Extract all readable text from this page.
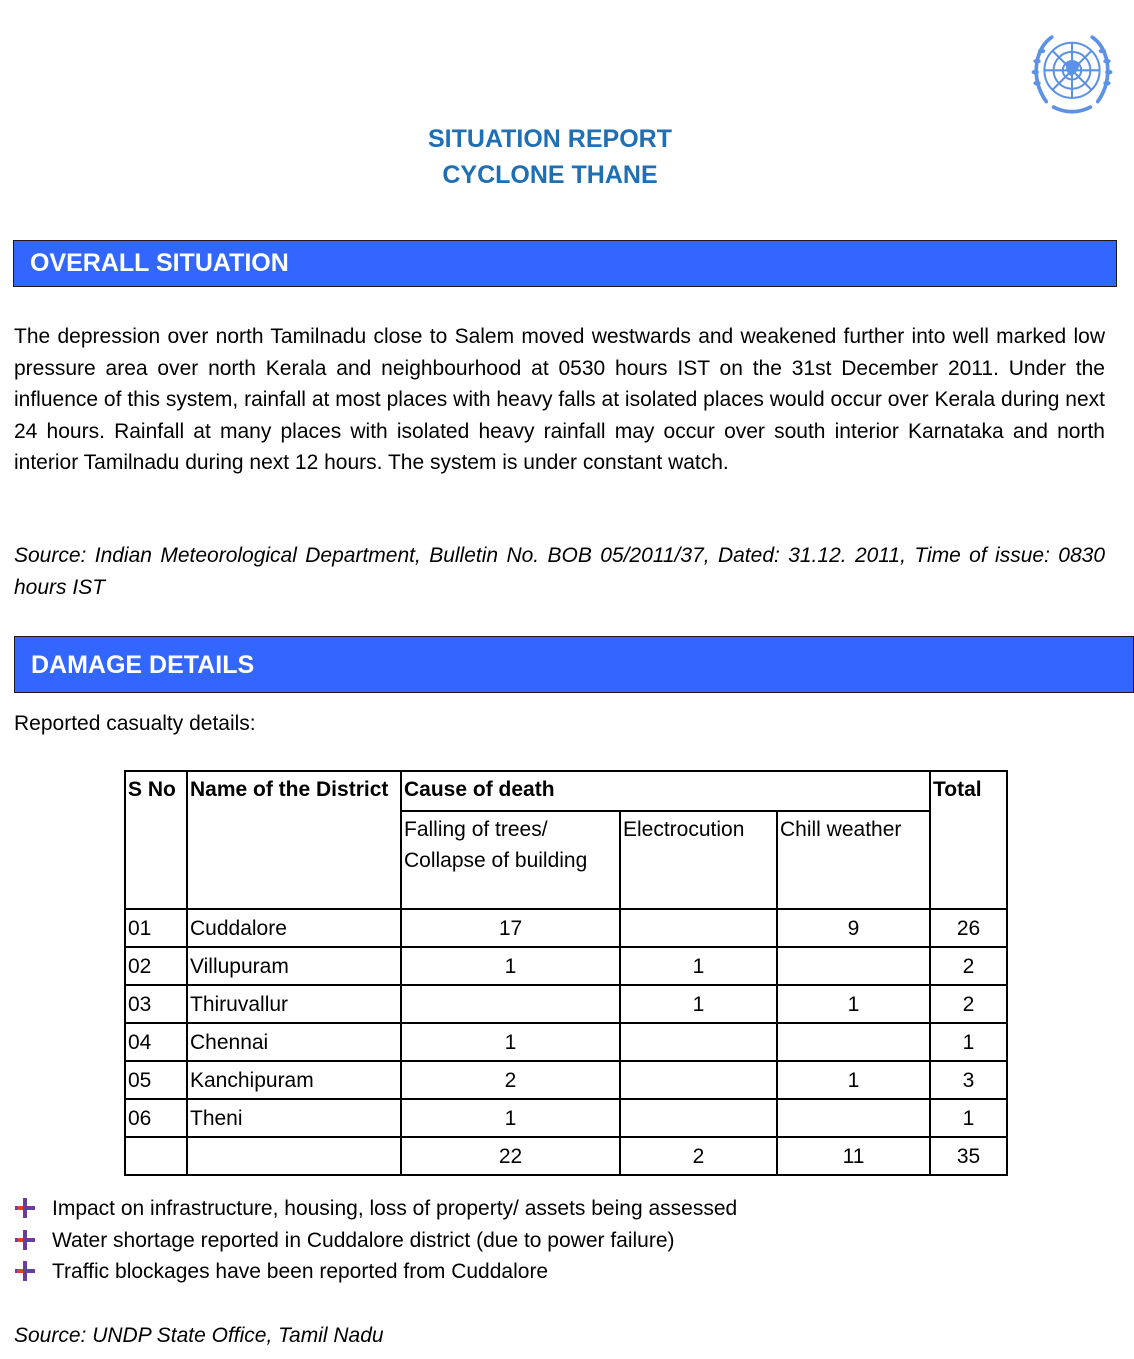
SITUATION REPORT
CYCLONE THANE
OVERALL SITUATION
The depression over north Tamilnadu close to Salem moved westwards and weakened further into well marked low pressure area over north Kerala and neighbourhood at 0530 hours IST on the 31st December 2011. Under the influence of this system, rainfall at most places with heavy falls at isolated places would occur over Kerala during next 24 hours. Rainfall at many places with isolated heavy rainfall may occur over south interior Karnataka and north interior Tamilnadu during next 12 hours. The system is under constant watch.
Source: Indian Meteorological Department, Bulletin No. BOB 05/2011/37, Dated: 31.12. 2011, Time of issue: 0830 hours IST
DAMAGE DETAILS
Reported casualty details:
S No	Name of the District	Cause of death			Total
		Falling of trees/ Collapse of building	Electrocution	Chill weather	
01	Cuddalore	17		9	26
02	Villupuram	1	1		2
03	Thiruvallur		1	1	2
04	Chennai	1			1
05	Kanchipuram	2		1	3
06	Theni	1			1
		22	2	11	35
Impact on infrastructure, housing, loss of property/ assets being assessed
Water shortage reported in Cuddalore district (due to power failure)
Traffic blockages have been reported from Cuddalore
Source: UNDP State Office, Tamil Nadu
